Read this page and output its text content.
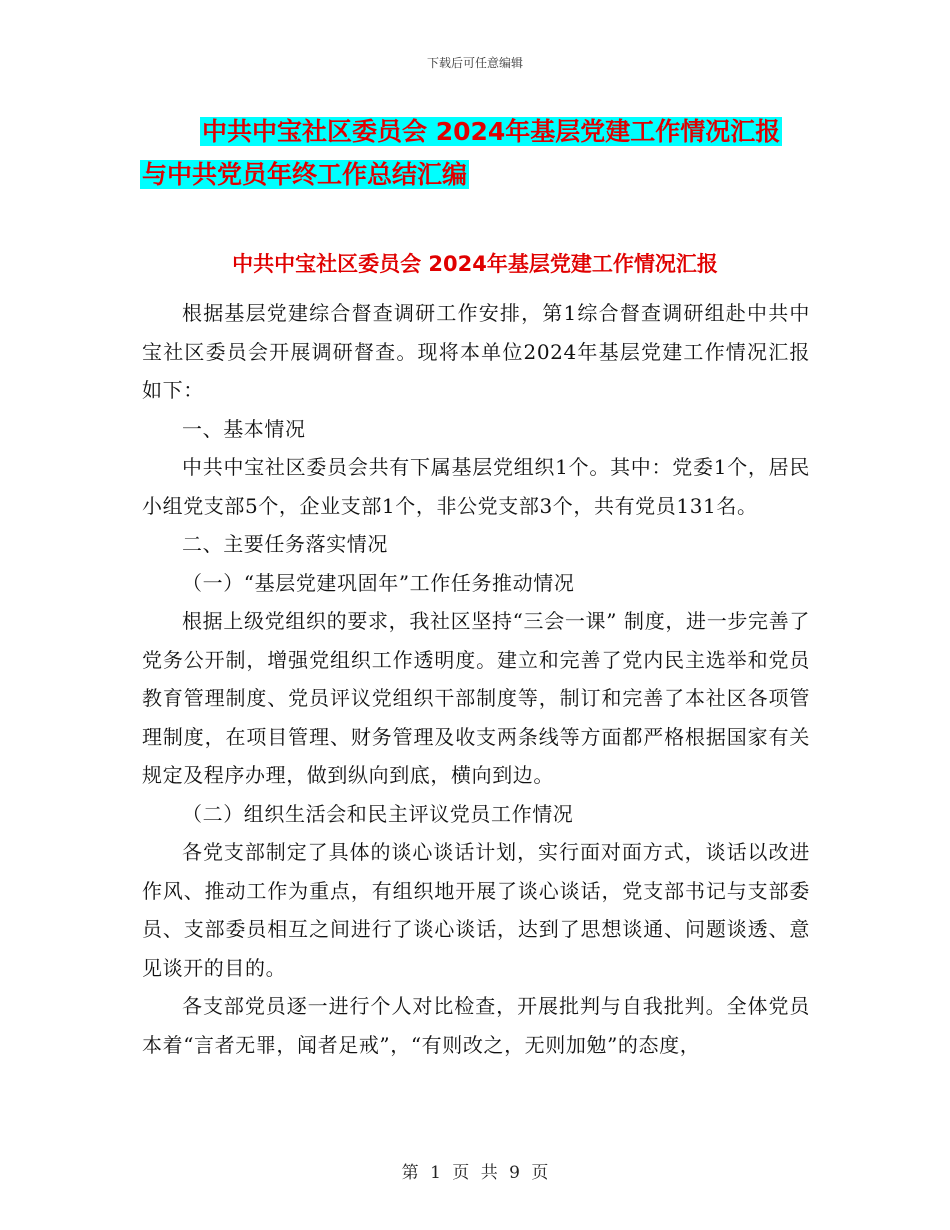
下载后可任意编辑
中共中宝社区委员会 2024年基层党建工作情况汇报
与中共党员年终工作总结汇编
中共中宝社区委员会 2024年基层党建工作情况汇报

根据基层党建综合督查调研工作安排，第1综合督查调研组赴中共中宝社区委员会开展调研督查。现将本单位2024年基层党建工作情况汇报如下：

一、基本情况

中共中宝社区委员会共有下属基层党组织1个。其中：党委1个，居民小组党支部5个，企业支部1个，非公党支部3个，共有党员131名。

二、主要任务落实情况

（一）“基层党建巩固年”工作任务推动情况

根据上级党组织的要求，我社区坚持“三会一课” 制度，进一步完善了党务公开制，增强党组织工作透明度。建立和完善了党内民主选举和党员教育管理制度、党员评议党组织干部制度等，制订和完善了本社区各项管理制度，在项目管理、财务管理及收支两条线等方面都严格根据国家有关规定及程序办理，做到纵向到底，横向到边。

（二）组织生活会和民主评议党员工作情况

各党支部制定了具体的谈心谈话计划，实行面对面方式，谈话以改进作风、推动工作为重点，有组织地开展了谈心谈话，党支部书记与支部委员、支部委员相互之间进行了谈心谈话，达到了思想谈通、问题谈透、意见谈开的目的。

各支部党员逐一进行个人对比检查，开展批判与自我批判。全体党员本着“言者无罪，闻者足戒”，“有则改之，无则加勉”的态度，

第 1 页 共 9 页
